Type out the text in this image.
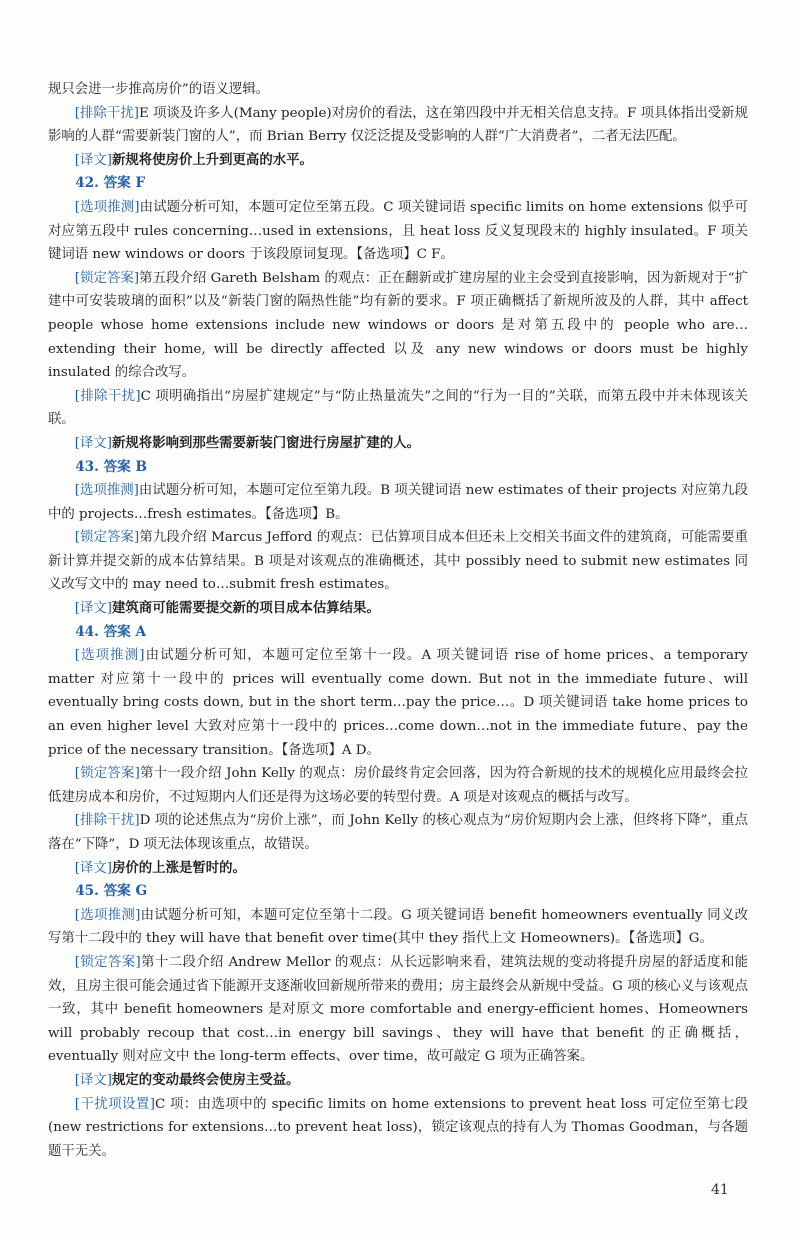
规只会进一步推高房价”的语义逻辑。

[排除干扰]E 项谈及许多人(Many people)对房价的看法，这在第四段中并无相关信息支持。F 项具体指出受新规影响的人群“需要新装门窗的人”，而 Brian Berry 仅泛泛提及受影响的人群“广大消费者”，二者无法匹配。

[译文]新规将使房价上升到更高的水平。

42. 答案 F

[选项推测]由试题分析可知，本题可定位至第五段。C 项关键词语 specific limits on home extensions 似乎可对应第五段中 rules concerning…used in extensions，且 heat loss 反义复现段末的 highly insulated。F 项关键词语 new windows or doors 于该段原词复现。【备选项】C F。

[锁定答案]第五段介绍 Gareth Belsham 的观点：正在翻新或扩建房屋的业主会受到直接影响，因为新规对于“扩建中可安装玻璃的面积”以及“新装门窗的隔热性能”均有新的要求。F 项正确概括了新规所波及的人群，其中 affect people whose home extensions include new windows or doors 是对第五段中的 people who are…extending their home, will be directly affected 以及 any new windows or doors must be highly insulated 的综合改写。

[排除干扰]C 项明确指出“房屋扩建规定”与“防止热量流失”之间的“行为一目的”关联，而第五段中并未体现该关联。

[译文]新规将影响到那些需要新装门窗进行房屋扩建的人。

43. 答案 B

[选项推测]由试题分析可知，本题可定位至第九段。B 项关键词语 new estimates of their projects 对应第九段中的 projects…fresh estimates。【备选项】B。

[锁定答案]第九段介绍 Marcus Jefford 的观点：已估算项目成本但还未上交相关书面文件的建筑商，可能需要重新计算并提交新的成本估算结果。B 项是对该观点的准确概述，其中 possibly need to submit new estimates 同义改写文中的 may need to…submit fresh estimates。

[译文]建筑商可能需要提交新的项目成本估算结果。

44. 答案 A

[选项推测]由试题分析可知，本题可定位至第十一段。A 项关键词语 rise of home prices、a temporary matter 对应第十一段中的 prices will eventually come down. But not in the immediate future、will eventually bring costs down, but in the short term…pay the price…。D 项关键词语 take home prices to an even higher level 大致对应第十一段中的 prices…come down…not in the immediate future、pay the price of the necessary transition。【备选项】A D。

[锁定答案]第十一段介绍 John Kelly 的观点：房价最终肯定会回落，因为符合新规的技术的规模化应用最终会拉低建房成本和房价，不过短期内人们还是得为这场必要的转型付费。A 项是对该观点的概括与改写。

[排除干扰]D 项的论述焦点为“房价上涨”，而 John Kelly 的核心观点为“房价短期内会上涨，但终将下降”，重点落在“下降”，D 项无法体现该重点，故错误。

[译文]房价的上涨是暂时的。

45. 答案 G

[选项推测]由试题分析可知，本题可定位至第十二段。G 项关键词语 benefit homeowners eventually 同义改写第十二段中的 they will have that benefit over time(其中 they 指代上文 Homeowners)。【备选项】G。

[锁定答案]第十二段介绍 Andrew Mellor 的观点：从长远影响来看，建筑法规的变动将提升房屋的舒适度和能效，且房主很可能会通过省下能源开支逐渐收回新规所带来的费用；房主最终会从新规中受益。G 项的核心义与该观点一致，其中 benefit homeowners 是对原文 more comfortable and energy-efficient homes、Homeowners will probably recoup that cost…in energy bill savings、they will have that benefit 的正确概括，eventually 则对应文中 the long-term effects、over time，故可敲定 G 项为正确答案。

[译文]规定的变动最终会使房主受益。

[干扰项设置]C 项：由选项中的 specific limits on home extensions to prevent heat loss 可定位至第七段(new restrictions for extensions…to prevent heat loss)，锁定该观点的持有人为 Thomas Goodman，与各题题干无关。

41
